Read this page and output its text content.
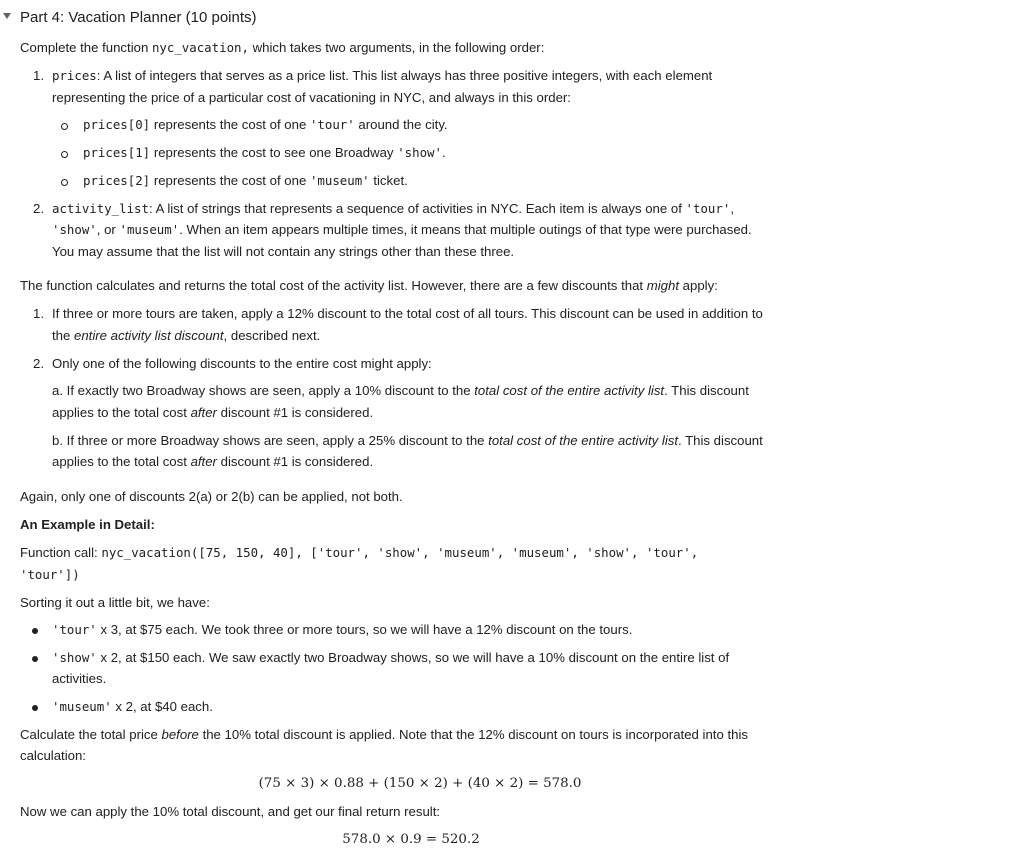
Part 4: Vacation Planner (10 points)
Complete the function nyc_vacation, which takes two arguments, in the following order:
1. prices: A list of integers that serves as a price list. This list always has three positive integers, with each element
representing the price of a particular cost of vacationing in NYC, and always in this order:
prices[0] represents the cost of one 'tour' around the city.
prices[1] represents the cost to see one Broadway 'show'.
prices[2] represents the cost of one 'museum' ticket.
2. activity_list: A list of strings that represents a sequence of activities in NYC. Each item is always one of 'tour',
'show', or 'museum'. When an item appears multiple times, it means that multiple outings of that type were purchased.
You may assume that the list will not contain any strings other than these three.
The function calculates and returns the total cost of the activity list. However, there are a few discounts that might apply:
1. If three or more tours are taken, apply a 12% discount to the total cost of all tours. This discount can be used in addition to
the entire activity list discount, described next.
2. Only one of the following discounts to the entire cost might apply:
a. If exactly two Broadway shows are seen, apply a 10% discount to the total cost of the entire activity list. This discount
applies to the total cost after discount #1 is considered.
b. If three or more Broadway shows are seen, apply a 25% discount to the total cost of the entire activity list. This discount
applies to the total cost after discount #1 is considered.
Again, only one of discounts 2(a) or 2(b) can be applied, not both.
An Example in Detail:
Function call: nyc_vacation([75, 150, 40], ['tour', 'show', 'museum', 'museum', 'show', 'tour',
'tour'])
Sorting it out a little bit, we have:
'tour' x 3, at $75 each. We took three or more tours, so we will have a 12% discount on the tours.
'show' x 2, at $150 each. We saw exactly two Broadway shows, so we will have a 10% discount on the entire list of
activities.
'museum' x 2, at $40 each.
Calculate the total price before the 10% total discount is applied. Note that the 12% discount on tours is incorporated into this
calculation:
(75 × 3) × 0.88 + (150 × 2) + (40 × 2) = 578.0
Now we can apply the 10% total discount, and get our final return result:
578.0 × 0.9 = 520.2
